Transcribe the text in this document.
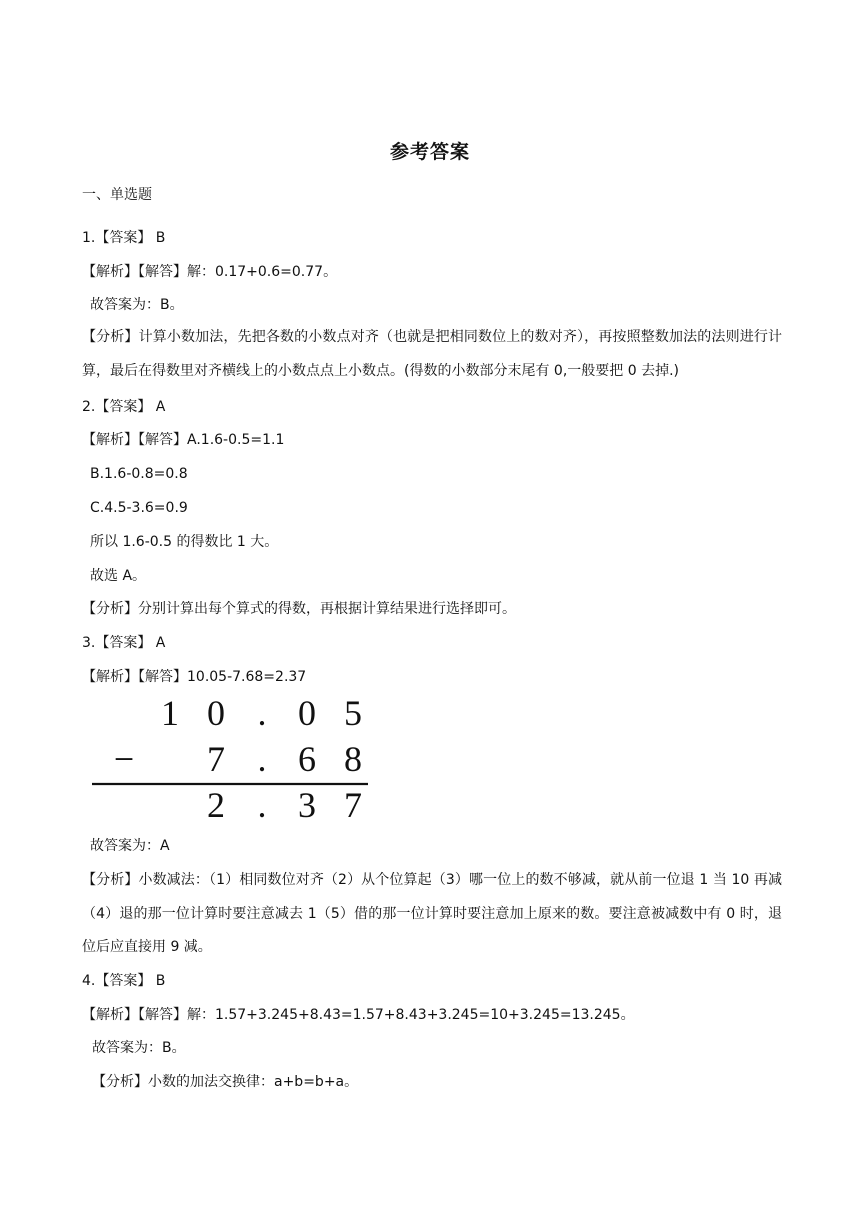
参考答案
一、单选题
1.【答案】 B
【解析】【解答】解：0.17+0.6=0.77。
故答案为：B。
【分析】计算小数加法，先把各数的小数点对齐（也就是把相同数位上的数对齐），再按照整数加法的法则进行计算，最后在得数里对齐横线上的小数点点上小数点。(得数的小数部分末尾有 0,一般要把 0 去掉.)
2.【答案】 A
【解析】【解答】A.1.6-0.5=1.1
B.1.6-0.8=0.8
C.4.5-3.6=0.9
所以 1.6-0.5 的得数比 1 大。
故选 A。
【分析】分别计算出每个算式的得数，再根据计算结果进行选择即可。
3.【答案】 A
【解析】【解答】10.05-7.68=2.37
1 0 . 0 5
− 7 . 6 8
2 . 3 7
故答案为：A
【分析】小数减法：（1）相同数位对齐（2）从个位算起（3）哪一位上的数不够减，就从前一位退 1 当 10 再减（4）退的那一位计算时要注意减去 1（5）借的那一位计算时要注意加上原来的数。要注意被减数中有 0 时，退位后应直接用 9 减。
4.【答案】 B
【解析】【解答】解：1.57+3.245+8.43=1.57+8.43+3.245=10+3.245=13.245。
故答案为：B。
【分析】小数的加法交换律：a+b=b+a。
